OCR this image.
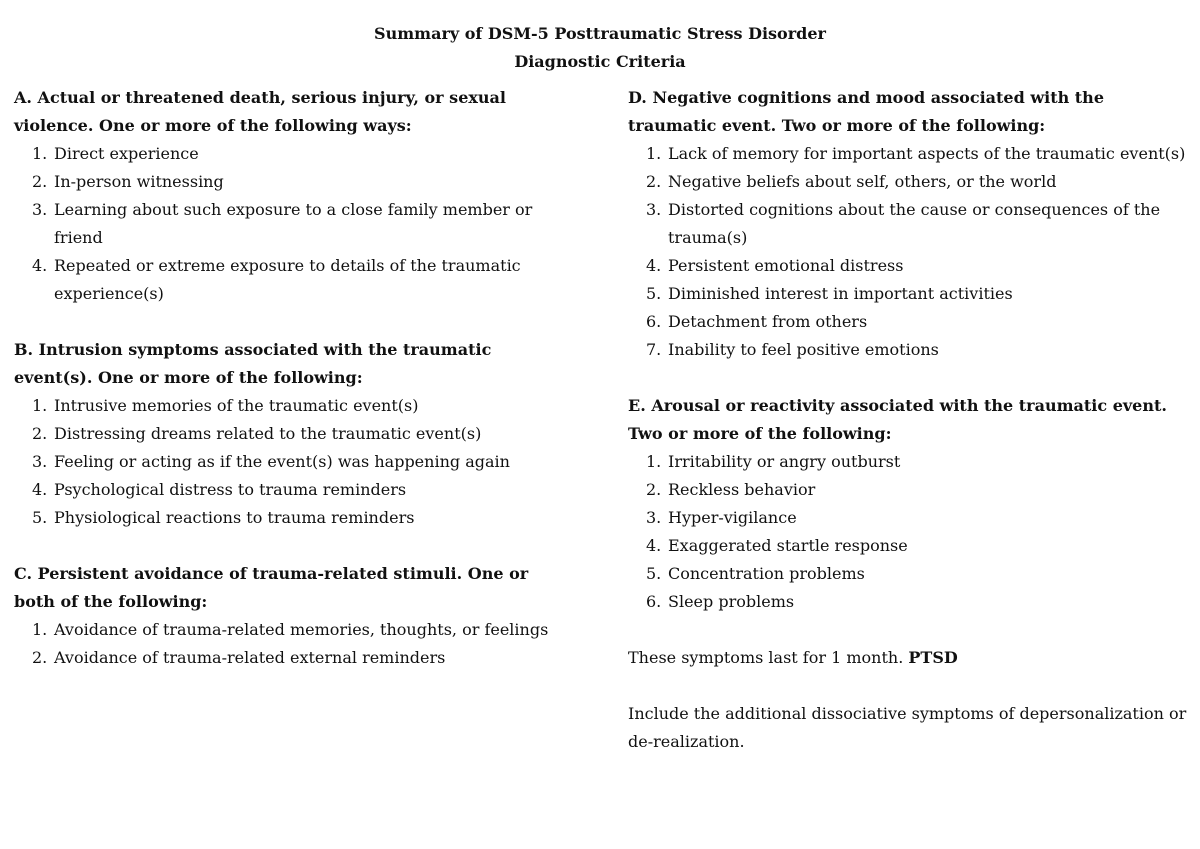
Summary of DSM-5 Posttraumatic Stress Disorder
Diagnostic Criteria
A. Actual or threatened death, serious injury, or sexual violence. One or more of the following ways:
1. Direct experience
2. In-person witnessing
3. Learning about such exposure to a close family member or friend
4. Repeated or extreme exposure to details of the traumatic experience(s)
B. Intrusion symptoms associated with the traumatic event(s). One or more of the following:
1. Intrusive memories of the traumatic event(s)
2. Distressing dreams related to the traumatic event(s)
3. Feeling or acting as if the event(s) was happening again
4. Psychological distress to trauma reminders
5. Physiological reactions to trauma reminders
C. Persistent avoidance of trauma-related stimuli. One or both of the following:
1. Avoidance of trauma-related memories, thoughts, or feelings
2. Avoidance of trauma-related external reminders
D. Negative cognitions and mood associated with the traumatic event. Two or more of the following:
1. Lack of memory for important aspects of the traumatic event(s)
2. Negative beliefs about self, others, or the world
3. Distorted cognitions about the cause or consequences of the trauma(s)
4. Persistent emotional distress
5. Diminished interest in important activities
6. Detachment from others
7. Inability to feel positive emotions
E. Arousal or reactivity associated with the traumatic event. Two or more of the following:
1. Irritability or angry outburst
2. Reckless behavior
3. Hyper-vigilance
4. Exaggerated startle response
5. Concentration problems
6. Sleep problems

These symptoms last for 1 month. PTSD

Include the additional dissociative symptoms of depersonalization or de-realization.
